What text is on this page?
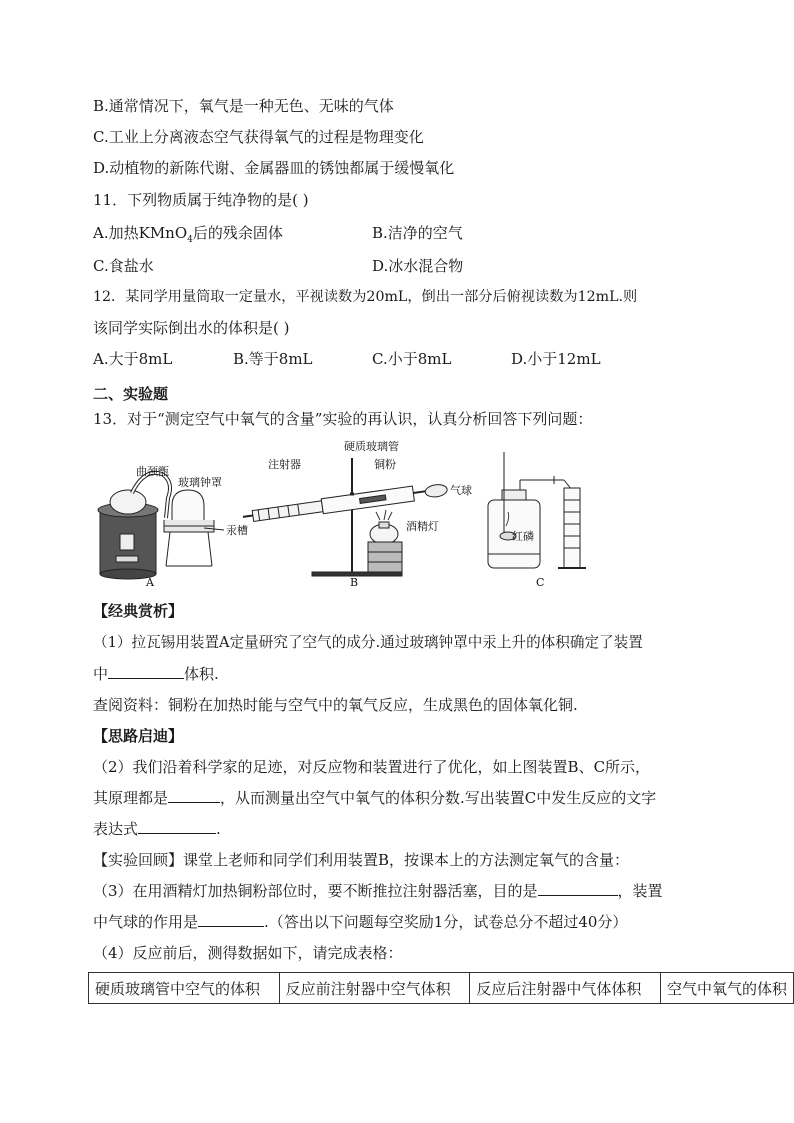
B.通常情况下，氧气是一种无色、无味的气体
C.工业上分离液态空气获得氧气的过程是物理变化
D.动植物的新陈代谢、金属器皿的锈蚀都属于缓慢氧化
11．下列物质属于纯净物的是( )
A.加热KMnO$_4$后的残余固体	B.洁净的空气
C.食盐水	D.冰水混合物
12．某同学用量筒取一定量水，平视读数为20mL，倒出一部分后俯视读数为12mL.则
该同学实际倒出水的体积是( )
A.大于8mL	B.等于8mL	C.小于8mL	D.小于12mL
二、实验题
13．对于“测定空气中氧气的含量”实验的再认识，认真分析回答下列问题：
曲颈甑
玻璃钟罩
汞槽
A
硬质玻璃管
注射器	铜粉
气球
酒精灯
B
红磷
C
【经典赏析】
（1）拉瓦锡用装置A定量研究了空气的成分.通过玻璃钟罩中汞上升的体积确定了装置
中	体积.
查阅资料：铜粉在加热时能与空气中的氧气反应，生成黑色的固体氧化铜.
【思路启迪】
（2）我们沿着科学家的足迹，对反应物和装置进行了优化，如上图装置B、C所示，
其原理都是	，从而测量出空气中氧气的体积分数.写出装置C中发生反应的文字
表达式	.
【实验回顾】课堂上老师和同学们利用装置B，按课本上的方法测定氧气的含量：
（3）在用酒精灯加热铜粉部位时，要不断推拉注射器活塞，目的是	，装置
中气球的作用是	.（答出以下问题每空奖励1分，试卷总分不超过40分）
（4）反应前后，测得数据如下，请完成表格：
硬质玻璃管中空气的体积	反应前注射器中空气体积	反应后注射器中气体体积	空气中氧气的体积
